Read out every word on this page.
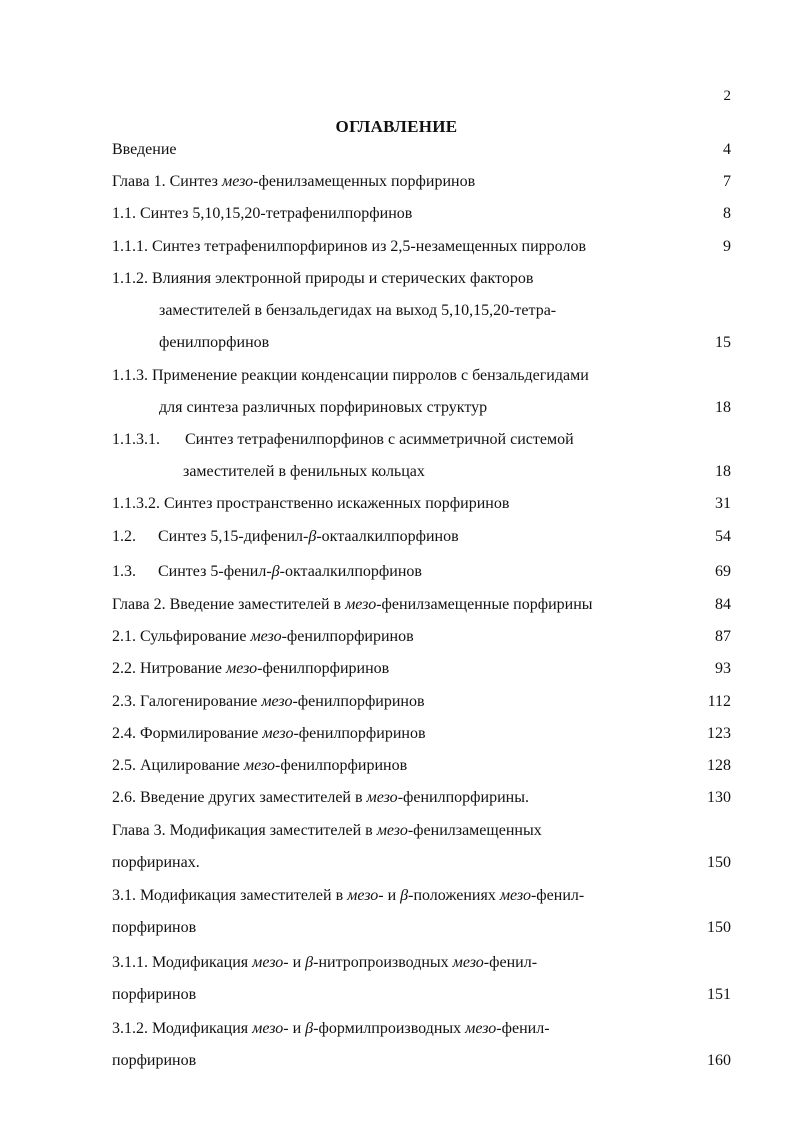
2
ОГЛАВЛЕНИЕ
Введение	4
Глава 1. Синтез мезо-фенилзамещенных порфиринов	7
1.1. Синтез 5,10,15,20-тетрафенилпорфинов	8
1.1.1. Синтез тетрафенилпорфиринов из 2,5-незамещенных пирролов	9
1.1.2. Влияния электронной природы и стерических факторов
заместителей в бензальдегидах на выход 5,10,15,20-тетра-
фенилпорфинов	15
1.1.3. Применение реакции конденсации пирролов с бензальдегидами
для синтеза различных порфириновых структур	18
1.1.3.1. Синтез тетрафенилпорфинов с асимметричной системой
заместителей в фенильных кольцах	18
1.1.3.2. Синтез пространственно искаженных порфиринов	31
1.2. Синтез 5,15-дифенил-β-октаалкилпорфинов	54
1.3. Синтез 5-фенил-β-октаалкилпорфинов	69
Глава 2. Введение заместителей в мезо-фенилзамещенные порфирины	84
2.1. Сульфирование мезо-фенилпорфиринов	87
2.2. Нитрование мезо-фенилпорфиринов	93
2.3. Галогенирование мезо-фенилпорфиринов	112
2.4. Формилирование мезо-фенилпорфиринов	123
2.5. Ацилирование мезо-фенилпорфиринов	128
2.6. Введение других заместителей в мезо-фенилпорфирины.	130
Глава 3. Модификация заместителей в мезо-фенилзамещенных
порфиринах.	150
3.1. Модификация заместителей в мезо- и β-положениях мезо-фенил-
порфиринов	150
3.1.1. Модификация мезо- и β-нитропроизводных мезо-фенил-
порфиринов	151
3.1.2. Модификация мезо- и β-формилпроизводных мезо-фенил-
порфиринов	160
